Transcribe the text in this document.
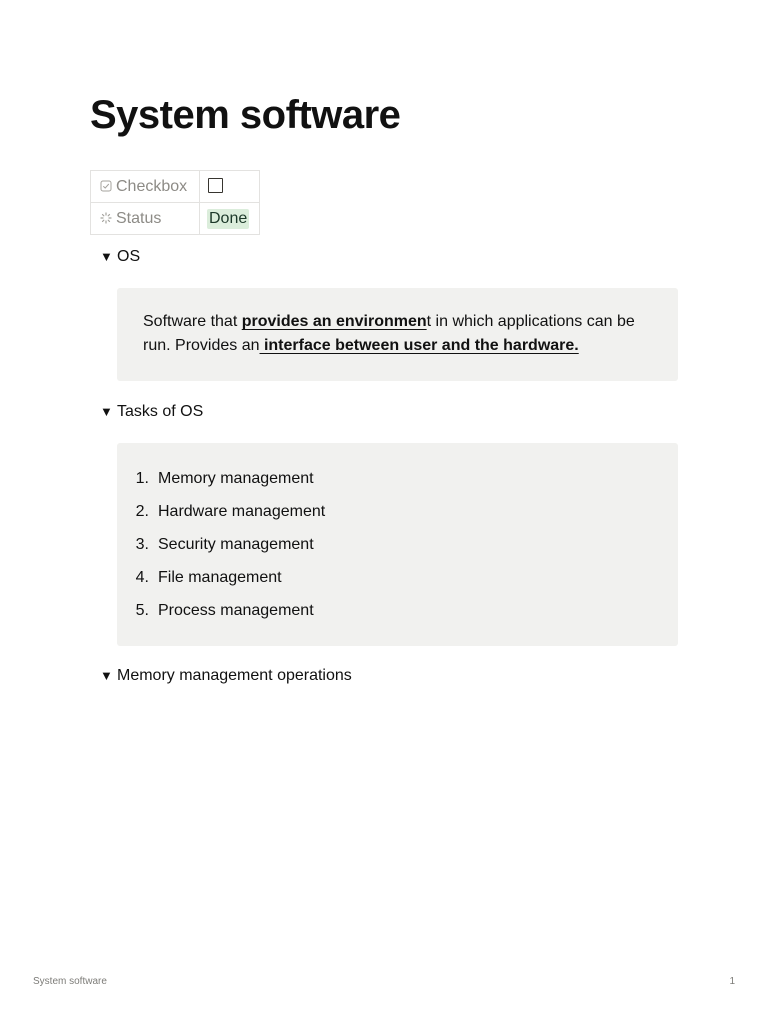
System software
Checkbox	
Status	Done
▼ OS

Software that provides an environment in which applications can be run. Provides an interface between user and the hardware.

▼ Tasks of OS
1. Memory management
2. Hardware management
3. Security management
4. File management
5. Process management
▼ Memory management operations
System software	1
